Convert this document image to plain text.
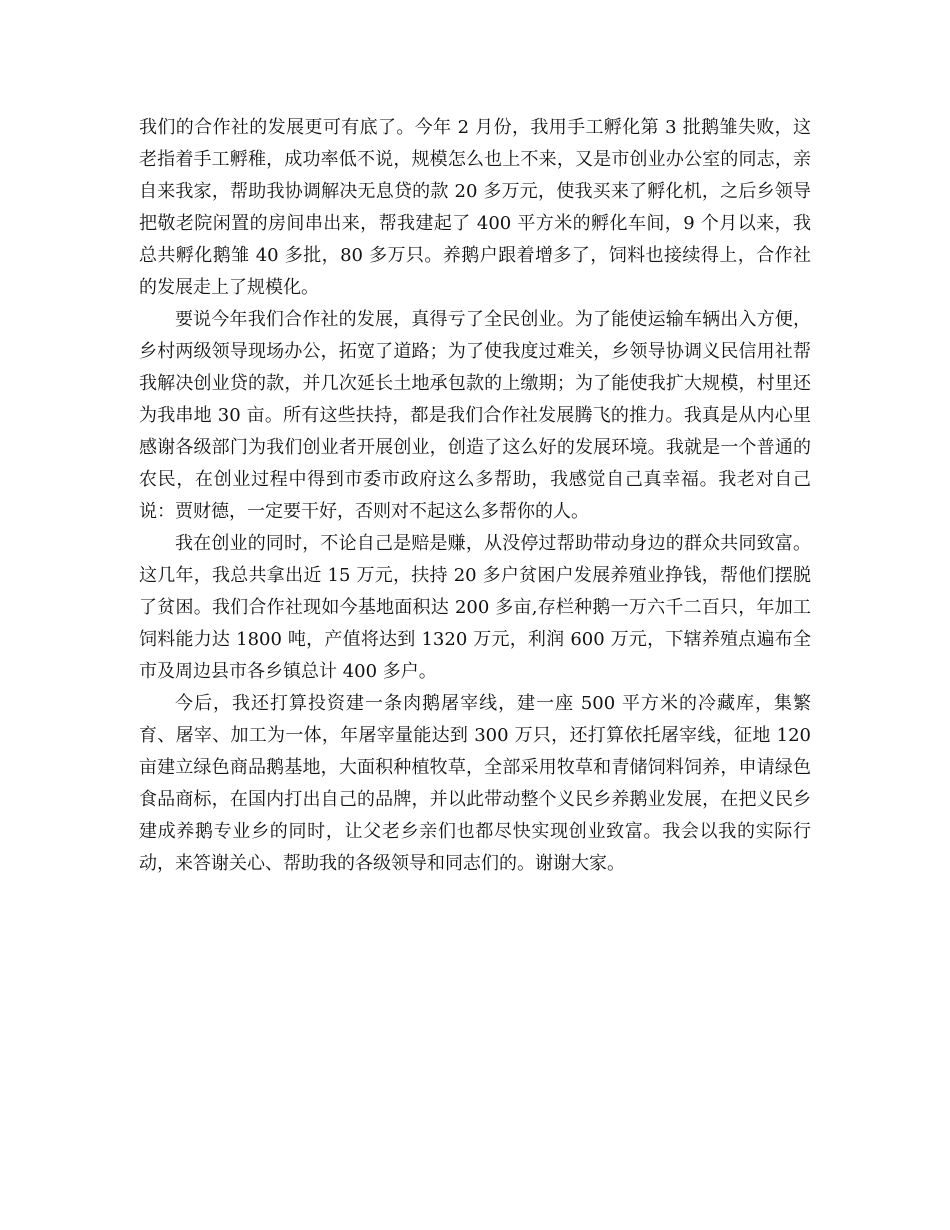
我们的合作社的发展更可有底了。今年 2 月份，我用手工孵化第 3 批鹅雏失败，这老指着手工孵稚，成功率低不说，规模怎么也上不来，又是市创业办公室的同志，亲自来我家，帮助我协调解决无息贷的款 20 多万元，使我买来了孵化机，之后乡领导把敬老院闲置的房间串出来，帮我建起了 400 平方米的孵化车间，9 个月以来，我总共孵化鹅雏 40 多批，80 多万只。养鹅户跟着增多了，饲料也接续得上，合作社的发展走上了规模化。

要说今年我们合作社的发展，真得亏了全民创业。为了能使运输车辆出入方便，乡村两级领导现场办公，拓宽了道路；为了使我度过难关，乡领导协调义民信用社帮我解决创业贷的款，并几次延长土地承包款的上缴期；为了能使我扩大规模，村里还为我串地 30 亩。所有这些扶持，都是我们合作社发展腾飞的推力。我真是从内心里感谢各级部门为我们创业者开展创业，创造了这么好的发展环境。我就是一个普通的农民，在创业过程中得到市委市政府这么多帮助，我感觉自己真幸福。我老对自己说：贾财德，一定要干好，否则对不起这么多帮你的人。

我在创业的同时，不论自己是赔是赚，从没停过帮助带动身边的群众共同致富。这几年，我总共拿出近 15 万元，扶持 20 多户贫困户发展养殖业挣钱，帮他们摆脱了贫困。我们合作社现如今基地面积达 200 多亩,存栏种鹅一万六千二百只，年加工饲料能力达 1800 吨，产值将达到 1320 万元，利润 600 万元，下辖养殖点遍布全市及周边县市各乡镇总计 400 多户。

今后，我还打算投资建一条肉鹅屠宰线，建一座 500 平方米的冷藏库，集繁育、屠宰、加工为一体，年屠宰量能达到 300 万只，还打算依托屠宰线，征地 120 亩建立绿色商品鹅基地，大面积种植牧草，全部采用牧草和青储饲料饲养，申请绿色食品商标，在国内打出自己的品牌，并以此带动整个义民乡养鹅业发展，在把义民乡建成养鹅专业乡的同时，让父老乡亲们也都尽快实现创业致富。我会以我的实际行动，来答谢关心、帮助我的各级领导和同志们的。谢谢大家。
